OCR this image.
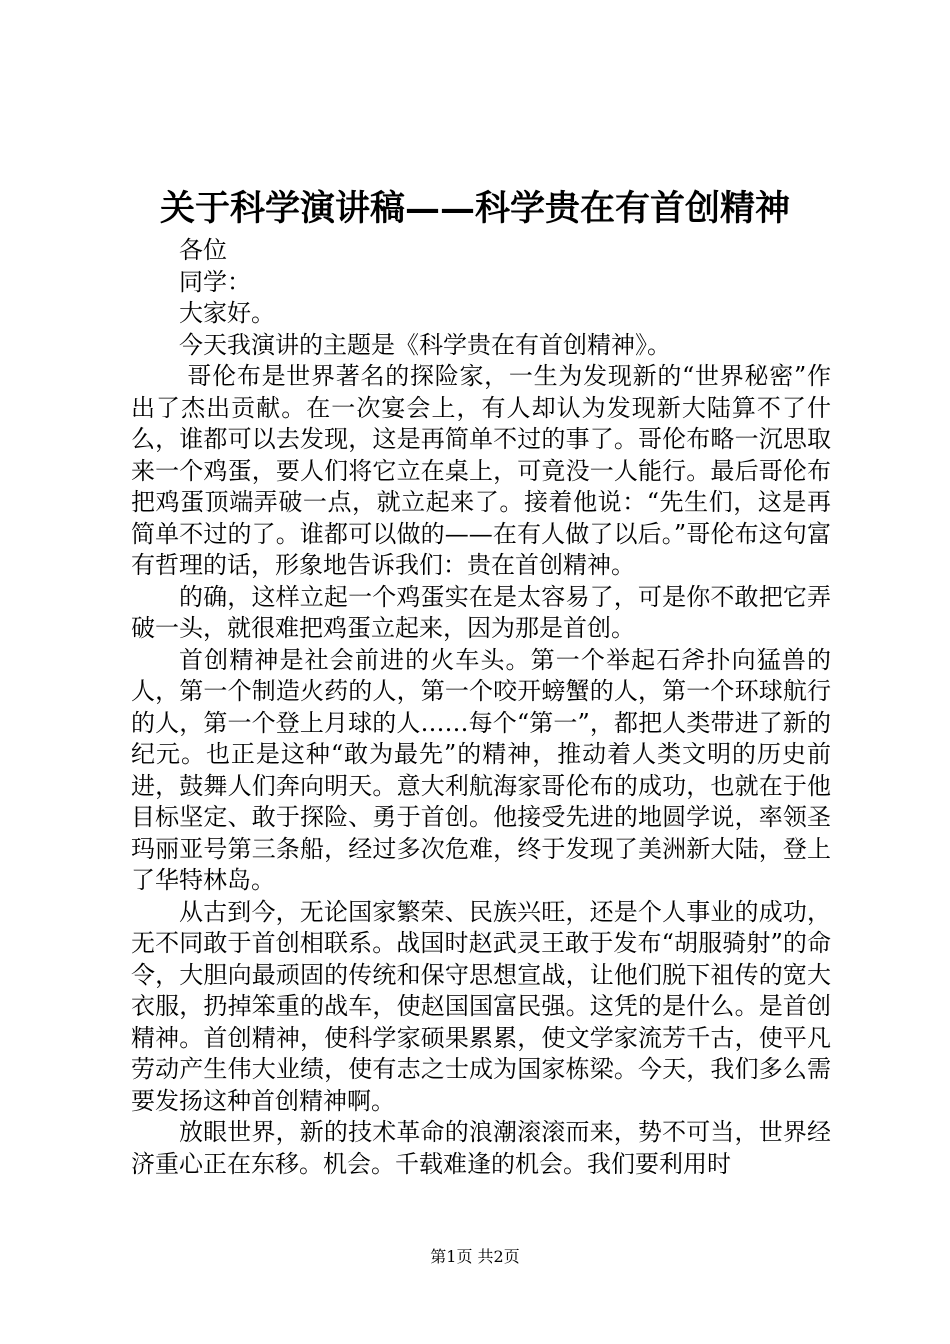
关于科学演讲稿——科学贵在有首创精神

各位

同学：

大家好。

今天我演讲的主题是《科学贵在有首创精神》。

哥伦布是世界著名的探险家，一生为发现新的“世界秘密”作出了杰出贡献。在一次宴会上，有人却认为发现新大陆算不了什么，谁都可以去发现，这是再简单不过的事了。哥伦布略一沉思取来一个鸡蛋，要人们将它立在桌上，可竟没一人能行。最后哥伦布把鸡蛋顶端弄破一点，就立起来了。接着他说：“先生们，这是再简单不过的了。谁都可以做的——在有人做了以后。”哥伦布这句富有哲理的话，形象地告诉我们：贵在首创精神。

的确，这样立起一个鸡蛋实在是太容易了，可是你不敢把它弄破一头，就很难把鸡蛋立起来，因为那是首创。

首创精神是社会前进的火车头。第一个举起石斧扑向猛兽的人，第一个制造火药的人，第一个咬开螃蟹的人，第一个环球航行的人，第一个登上月球的人……每个“第一”，都把人类带进了新的纪元。也正是这种“敢为最先”的精神，推动着人类文明的历史前进，鼓舞人们奔向明天。意大利航海家哥伦布的成功，也就在于他目标坚定、敢于探险、勇于首创。他接受先进的地圆学说，率领圣玛丽亚号第三条船，经过多次危难，终于发现了美洲新大陆，登上了华特林岛。

从古到今，无论国家繁荣、民族兴旺，还是个人事业的成功，无不同敢于首创相联系。战国时赵武灵王敢于发布“胡服骑射”的命令，大胆向最顽固的传统和保守思想宣战，让他们脱下祖传的宽大衣服，扔掉笨重的战车，使赵国国富民强。这凭的是什么。是首创精神。首创精神，使科学家硕果累累，使文学家流芳千古，使平凡劳动产生伟大业绩，使有志之士成为国家栋梁。今天，我们多么需要发扬这种首创精神啊。

放眼世界，新的技术革命的浪潮滚滚而来，势不可当，世界经济重心正在东移。机会。千载难逢的机会。我们要利用时

第1页 共2页
